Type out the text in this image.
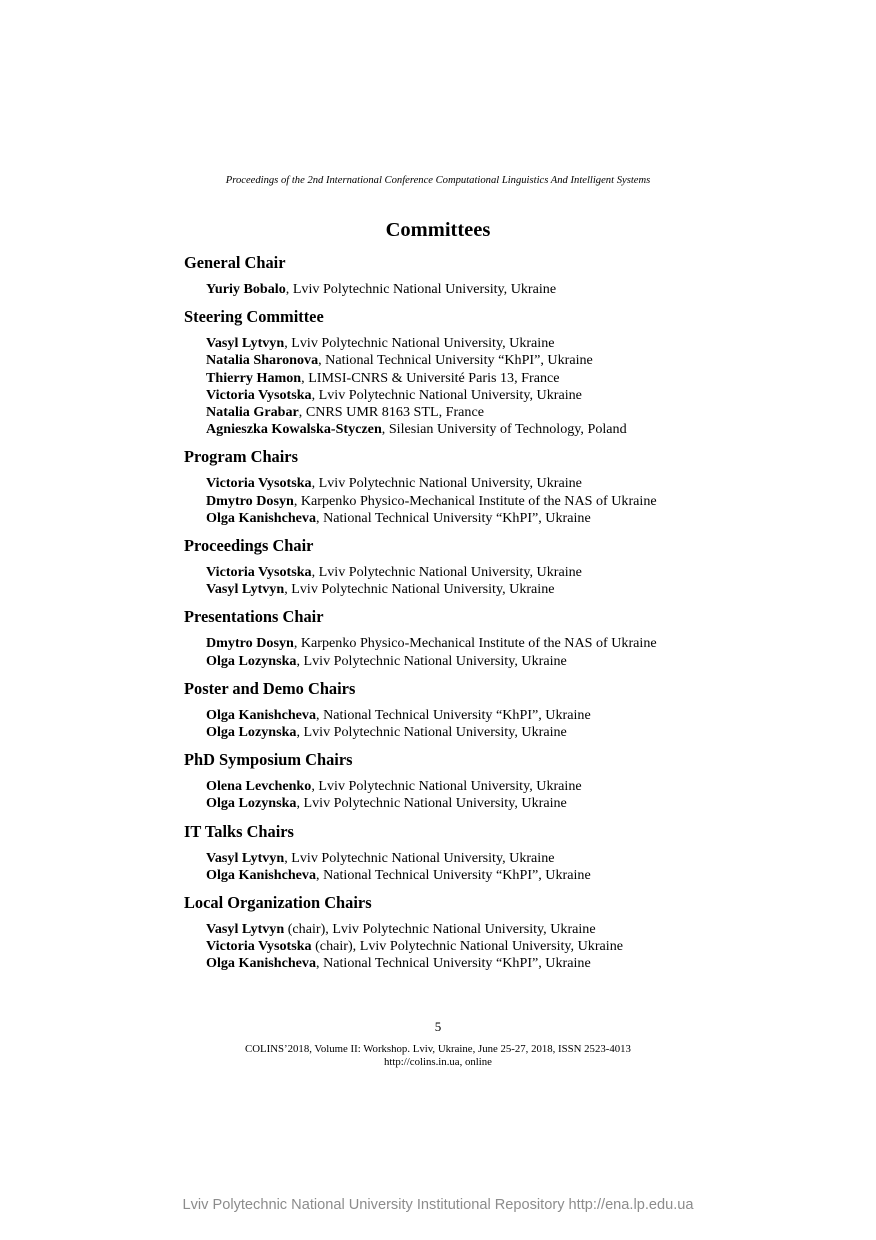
Proceedings of the 2nd International Conference Computational Linguistics And Intelligent Systems
Committees
General Chair
Yuriy Bobalo, Lviv Polytechnic National University, Ukraine
Steering Committee
Vasyl Lytvyn, Lviv Polytechnic National University, Ukraine
Natalia Sharonova, National Technical University “KhPI”, Ukraine
Thierry Hamon, LIMSI-CNRS & Université Paris 13, France
Victoria Vysotska, Lviv Polytechnic National University, Ukraine
Natalia Grabar, CNRS UMR 8163 STL, France
Agnieszka Kowalska-Styczen, Silesian University of Technology, Poland
Program Chairs
Victoria Vysotska, Lviv Polytechnic National University, Ukraine
Dmytro Dosyn, Karpenko Physico-Mechanical Institute of the NAS of Ukraine
Olga Kanishcheva, National Technical University “KhPI”, Ukraine
Proceedings Chair
Victoria Vysotska, Lviv Polytechnic National University, Ukraine
Vasyl Lytvyn, Lviv Polytechnic National University, Ukraine
Presentations Chair
Dmytro Dosyn, Karpenko Physico-Mechanical Institute of the NAS of Ukraine
Olga Lozynska, Lviv Polytechnic National University, Ukraine
Poster and Demo Chairs
Olga Kanishcheva, National Technical University “KhPI”, Ukraine
Olga Lozynska, Lviv Polytechnic National University, Ukraine
PhD Symposium Chairs
Olena Levchenko, Lviv Polytechnic National University, Ukraine
Olga Lozynska, Lviv Polytechnic National University, Ukraine
IT Talks Chairs
Vasyl Lytvyn, Lviv Polytechnic National University, Ukraine
Olga Kanishcheva, National Technical University “KhPI”, Ukraine
Local Organization Chairs
Vasyl Lytvyn (chair), Lviv Polytechnic National University, Ukraine
Victoria Vysotska (chair), Lviv Polytechnic National University, Ukraine
Olga Kanishcheva, National Technical University “KhPI”, Ukraine
5
COLINS’2018, Volume II: Workshop. Lviv, Ukraine, June 25-27, 2018, ISSN 2523-4013
http://colins.in.ua, online
Lviv Polytechnic National University Institutional Repository http://ena.lp.edu.ua
